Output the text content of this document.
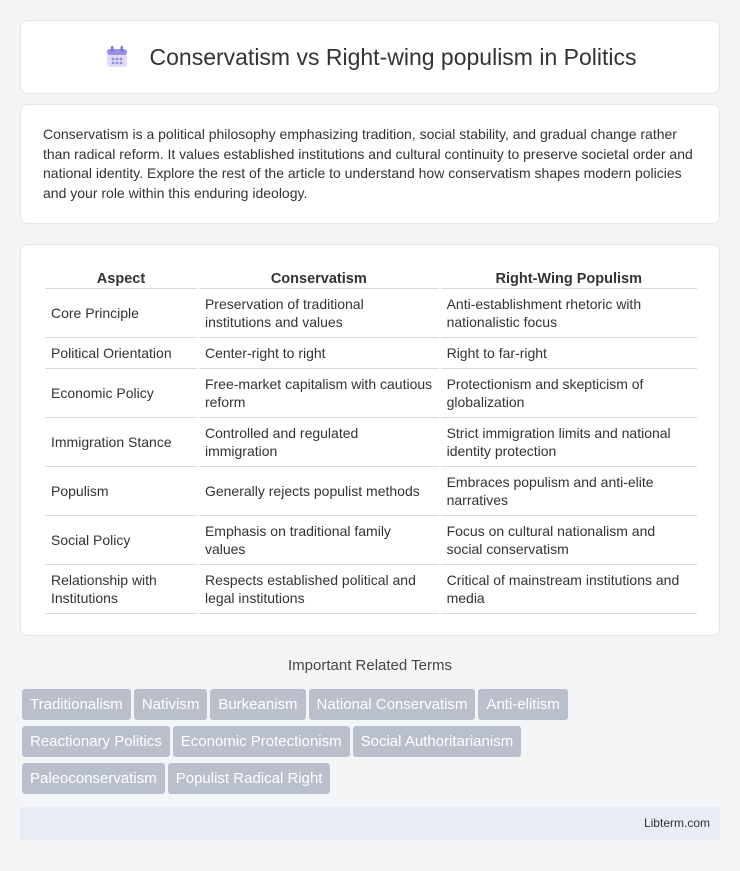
Conservatism vs Right-wing populism in Politics

Conservatism is a political philosophy emphasizing tradition, social stability, and gradual change rather than radical reform. It values established institutions and cultural continuity to preserve societal order and national identity. Explore the rest of the article to understand how conservatism shapes modern policies and your role within this enduring ideology.

Aspect	Conservatism	Right-Wing Populism
Core Principle	Preservation of traditional institutions and values	Anti-establishment rhetoric with nationalistic focus
Political Orientation	Center-right to right	Right to far-right
Economic Policy	Free-market capitalism with cautious reform	Protectionism and skepticism of globalization
Immigration Stance	Controlled and regulated immigration	Strict immigration limits and national identity protection
Populism	Generally rejects populist methods	Embraces populism and anti-elite narratives
Social Policy	Emphasis on traditional family values	Focus on cultural nationalism and social conservatism
Relationship with Institutions	Respects established political and legal institutions	Critical of mainstream institutions and media
Important Related Terms
Traditionalism Nativism Burkeanism National Conservatism Anti-elitism
Reactionary Politics Economic Protectionism Social Authoritarianism
Paleoconservatism Populist Radical Right
Libterm.com
